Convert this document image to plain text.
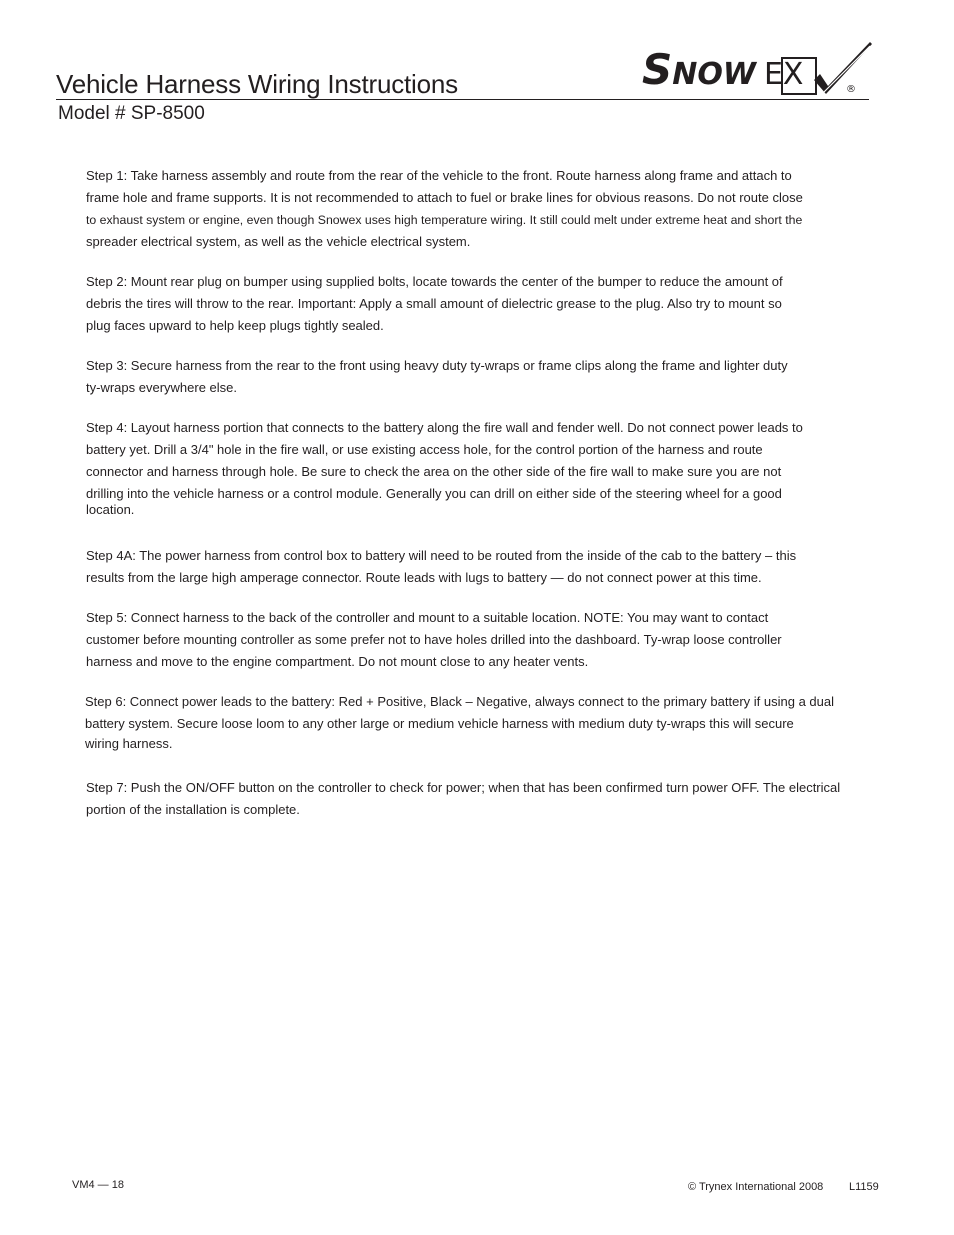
Vehicle Harness Wiring Instructions
Model # SP-8500
SNOW EX	®
Step 1: Take harness assembly and route from the rear of the vehicle to the front. Route harness along frame and attach to
frame hole and frame supports. It is not recommended to attach to fuel or brake lines for obvious reasons. Do not route close
to exhaust system or engine, even though Snowex uses high temperature wiring. It still could melt under extreme heat and short the
spreader electrical system, as well as the vehicle electrical system.
Step 2: Mount rear plug on bumper using supplied bolts, locate towards the center of the bumper to reduce the amount of
debris the tires will throw to the rear. Important: Apply a small amount of dielectric grease to the plug. Also try to mount so
plug faces upward to help keep plugs tightly sealed.
Step 3: Secure harness from the rear to the front using heavy duty ty-wraps or frame clips along the frame and lighter duty
ty-wraps everywhere else.
Step 4: Layout harness portion that connects to the battery along the fire wall and fender well. Do not connect power leads to
battery yet. Drill a 3/4" hole in the fire wall, or use existing access hole, for the control portion of the harness and route
connector and harness through hole. Be sure to check the area on the other side of the fire wall to make sure you are not
drilling into the vehicle harness or a control module. Generally you can drill on either side of the steering wheel for a good
location.
Step 4A: The power harness from control box to battery will need to be routed from the inside of the cab to the battery – this
results from the large high amperage connector. Route leads with lugs to battery — do not connect power at this time.
Step 5: Connect harness to the back of the controller and mount to a suitable location. NOTE: You may want to contact
customer before mounting controller as some prefer not to have holes drilled into the dashboard. Ty-wrap loose controller
harness and move to the engine compartment. Do not mount close to any heater vents.
Step 6: Connect power leads to the battery: Red + Positive, Black – Negative, always connect to the primary battery if using a dual
battery system. Secure loose loom to any other large or medium vehicle harness with medium duty ty-wraps this will secure
wiring harness.
Step 7: Push the ON/OFF button on the controller to check for power; when that has been confirmed turn power OFF. The electrical
portion of the installation is complete.
VM4 — 18	© Trynex International 2008 L1159
